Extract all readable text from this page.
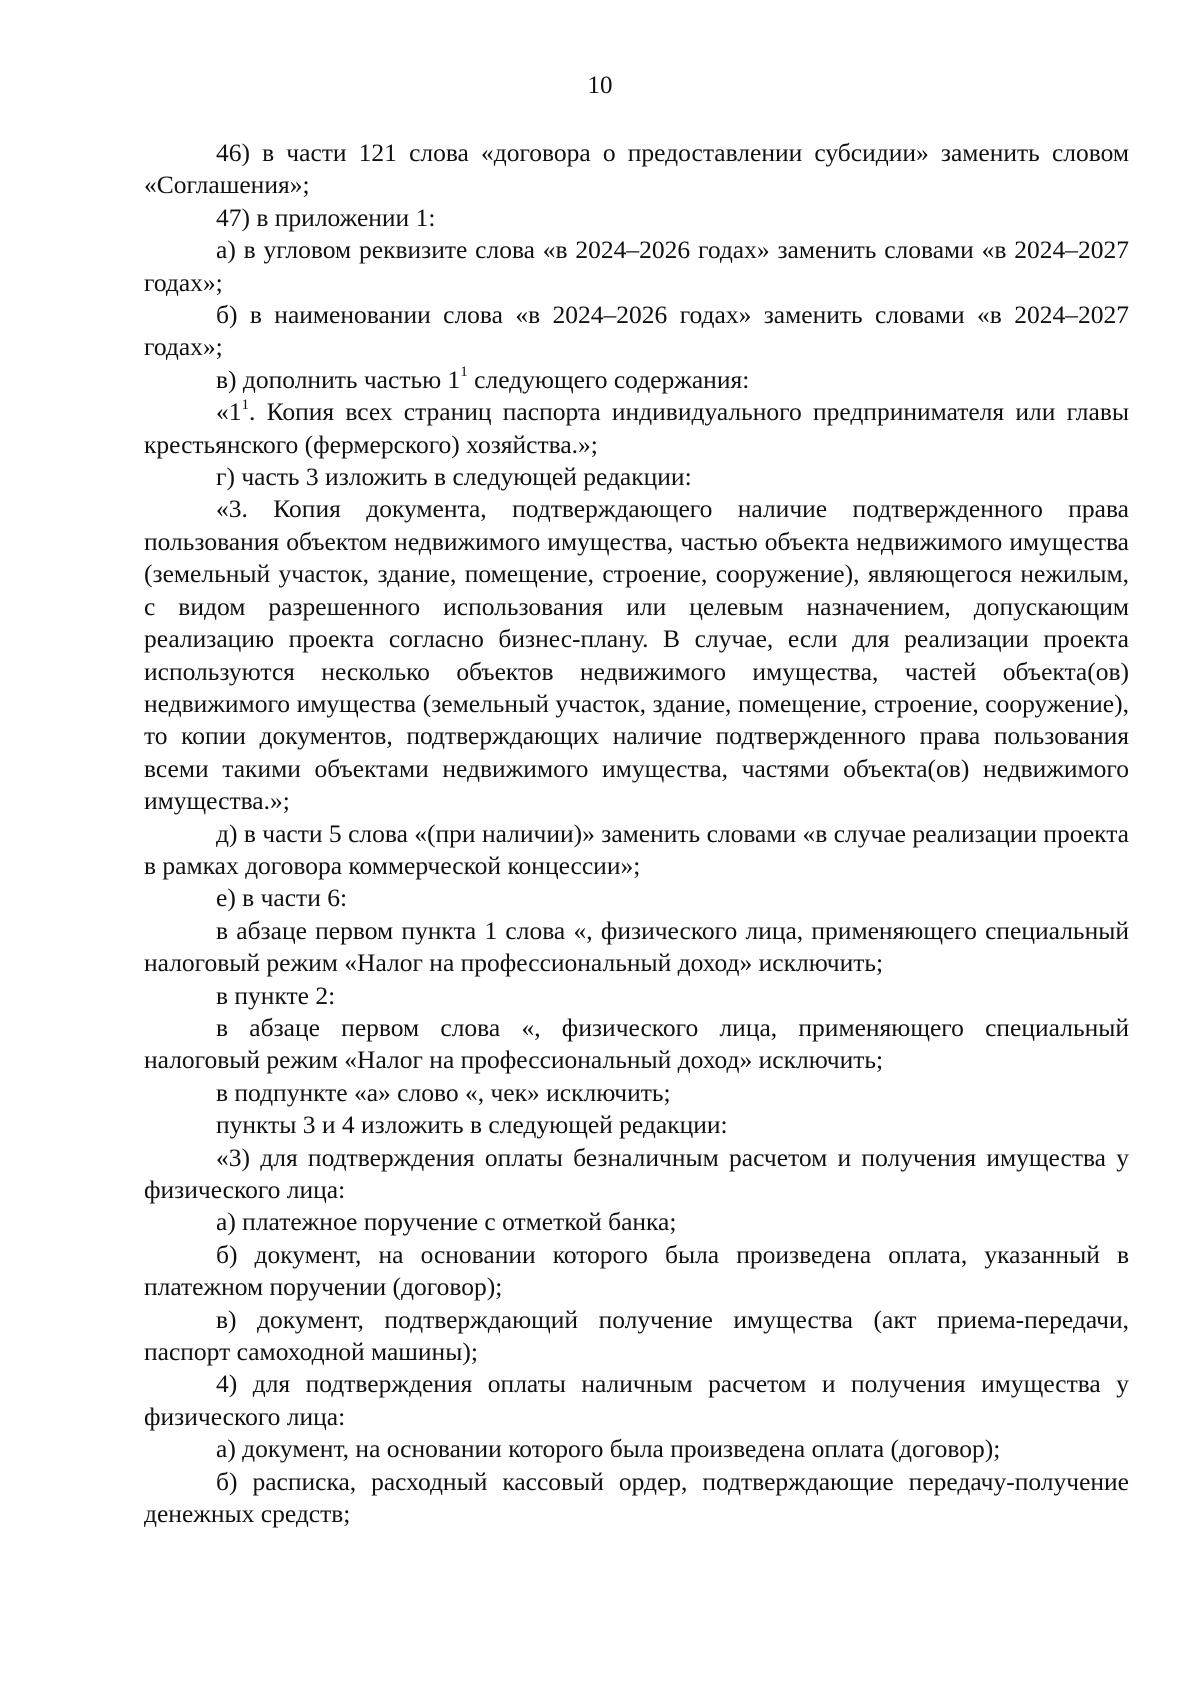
10

46) в части 121 слова «договора о предоставлении субсидии» заменить словом «Соглашения»;

47) в приложении 1:

а) в угловом реквизите слова «в 2024–2026 годах» заменить словами «в 2024–2027 годах»;

б) в наименовании слова «в 2024–2026 годах» заменить словами «в 2024–2027 годах»;

в) дополнить частью $1^1$ следующего содержания:

«$1^1$. Копия всех страниц паспорта индивидуального предпринимателя или главы крестьянского (фермерского) хозяйства.»;

г) часть 3 изложить в следующей редакции:

«3. Копия документа, подтверждающего наличие подтвержденного права пользования объектом недвижимого имущества, частью объекта недвижимого имущества (земельный участок, здание, помещение, строение, сооружение), являющегося нежилым, с видом разрешенного использования или целевым назначением, допускающим реализацию проекта согласно бизнес-плану. В случае, если для реализации проекта используются несколько объектов недвижимого имущества, частей объекта(ов) недвижимого имущества (земельный участок, здание, помещение, строение, сооружение), то копии документов, подтверждающих наличие подтвержденного права пользования всеми такими объектами недвижимого имущества, частями объекта(ов) недвижимого имущества.»;

д) в части 5 слова «(при наличии)» заменить словами «в случае реализации проекта в рамках договора коммерческой концессии»;

е) в части 6:

в абзаце первом пункта 1 слова «, физического лица, применяющего специальный налоговый режим «Налог на профессиональный доход» исключить;

в пункте 2:

в абзаце первом слова «, физического лица, применяющего специальный налоговый режим «Налог на профессиональный доход» исключить;

в подпункте «а» слово «, чек» исключить;

пункты 3 и 4 изложить в следующей редакции:

«3) для подтверждения оплаты безналичным расчетом и получения имущества у физического лица:

а) платежное поручение с отметкой банка;

б) документ, на основании которого была произведена оплата, указанный в платежном поручении (договор);

в) документ, подтверждающий получение имущества (акт приема-передачи, паспорт самоходной машины);

4) для подтверждения оплаты наличным расчетом и получения имущества у физического лица:

а) документ, на основании которого была произведена оплата (договор);

б) расписка, расходный кассовый ордер, подтверждающие передачу-получение денежных средств;
